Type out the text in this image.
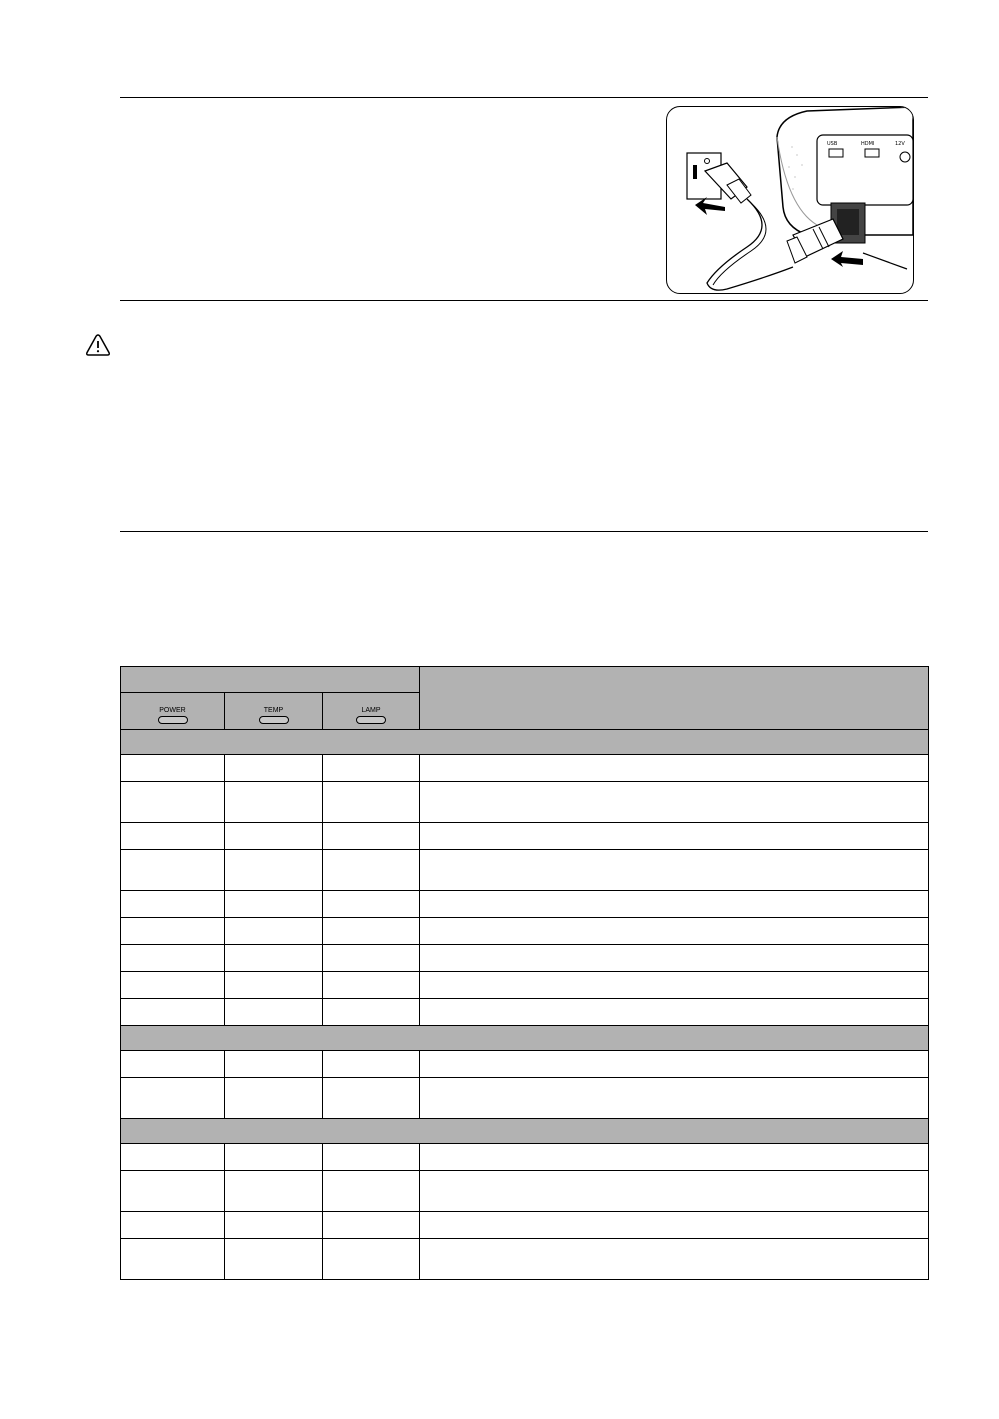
USB	HDMI	12V

POWER	TEMP	LAMP	
